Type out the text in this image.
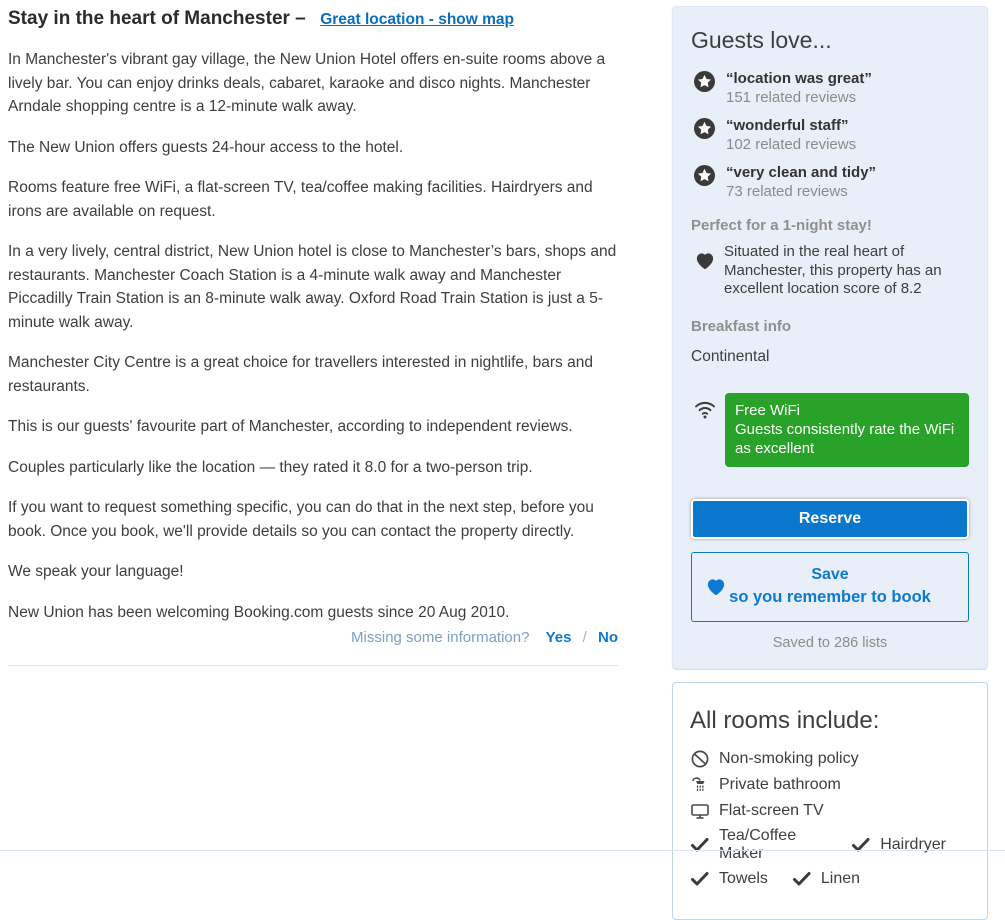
Stay in the heart of Manchester – Great location - show map

In Manchester's vibrant gay village, the New Union Hotel offers en-suite rooms above a lively bar. You can enjoy drinks deals, cabaret, karaoke and disco nights. Manchester Arndale shopping centre is a 12-minute walk away.

The New Union offers guests 24-hour access to the hotel.

Rooms feature free WiFi, a flat-screen TV, tea/coffee making facilities. Hairdryers and irons are available on request.

In a very lively, central district, New Union hotel is close to Manchester’s bars, shops and restaurants. Manchester Coach Station is a 4-minute walk away and Manchester Piccadilly Train Station is an 8-minute walk away. Oxford Road Train Station is just a 5-minute walk away.

Manchester City Centre is a great choice for travellers interested in nightlife, bars and restaurants.

This is our guests' favourite part of Manchester, according to independent reviews.

Couples particularly like the location — they rated it 8.0 for a two-person trip.

If you want to request something specific, you can do that in the next step, before you book. Once you book, we'll provide details so you can contact the property directly.

We speak your language!

New Union has been welcoming Booking.com guests since 20 Aug 2010.

Missing some information? Yes / No
Guests love...
“location was great”
151 related reviews
“wonderful staff”
102 related reviews
“very clean and tidy”
73 related reviews
Perfect for a 1-night stay!
Situated in the real heart of Manchester, this property has an excellent location score of 8.2
Breakfast info
Continental
Free WiFi
Guests consistently rate the WiFi as excellent
Reserve
Save
so you remember to book
Saved to 286 lists
All rooms include:
Non-smoking policy
Private bathroom
Flat-screen TV
Tea/Coffee Maker
Hairdryer
Towels	Linen
